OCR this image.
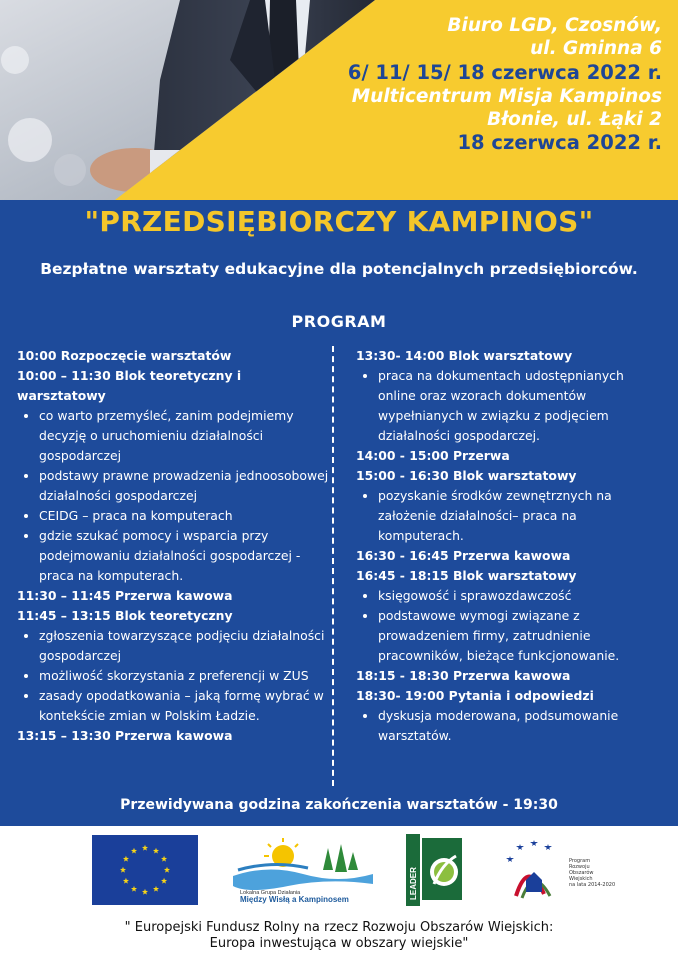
Biuro LGD, Czosnów,

ul. Gminna 6

6/ 11/ 15/ 18 czerwca 2022 r.

Multicentrum Misja Kampinos

Błonie, ul. Łąki 2

18 czerwca 2022 r.

"PRZEDSIĘBIORCZY KAMPINOS"
Bezpłatne warsztaty edukacyjne dla potencjalnych przedsiębiorców.
PROGRAM
10:00 Rozpoczęcie warsztatów
10:00 – 11:30 Blok teoretyczny i warsztatowy
• co warto przemyśleć, zanim podejmiemy decyzję o uruchomieniu działalności gospodarczej
• podstawy prawne prowadzenia jednoosobowej działalności gospodarczej
• CEIDG – praca na komputerach
• gdzie szukać pomocy i wsparcia przy podejmowaniu działalności gospodarczej - praca na komputerach.
11:30 – 11:45 Przerwa kawowa
11:45 – 13:15 Blok teoretyczny
• zgłoszenia towarzyszące podjęciu działalności gospodarczej
• możliwość skorzystania z preferencji w ZUS
• zasady opodatkowania – jaką formę wybrać w kontekście zmian w Polskim Ładzie.
13:15 – 13:30 Przerwa kawowa
13:30- 14:00 Blok warsztatowy
• praca na dokumentach udostępnianych online oraz wzorach dokumentów wypełnianych w związku z podjęciem działalności gospodarczej.
14:00 - 15:00 Przerwa
15:00 - 16:30 Blok warsztatowy
• pozyskanie środków zewnętrznych na założenie działalności– praca na komputerach.
16:30 - 16:45 Przerwa kawowa
16:45 - 18:15 Blok warsztatowy
• księgowość i sprawozdawczość
• podstawowe wymogi związane z prowadzeniem firmy, zatrudnienie pracowników, bieżące funkcjonowanie.
18:15 - 18:30 Przerwa kawowa
18:30- 19:00 Pytania i odpowiedzi
• dyskusja moderowana, podsumowanie warsztatów.
Przewidywana godzina zakończenia warsztatów - 19:30
Lokalna Grupa Działania
Między Wisłą a Kampinosem	LEADER
Program
Rozwoju
Obszarów
Wiejskich
na lata 2014-2020
" Europejski Fundusz Rolny na rzecz Rozwoju Obszarów Wiejskich:
Europa inwestująca w obszary wiejskie"
